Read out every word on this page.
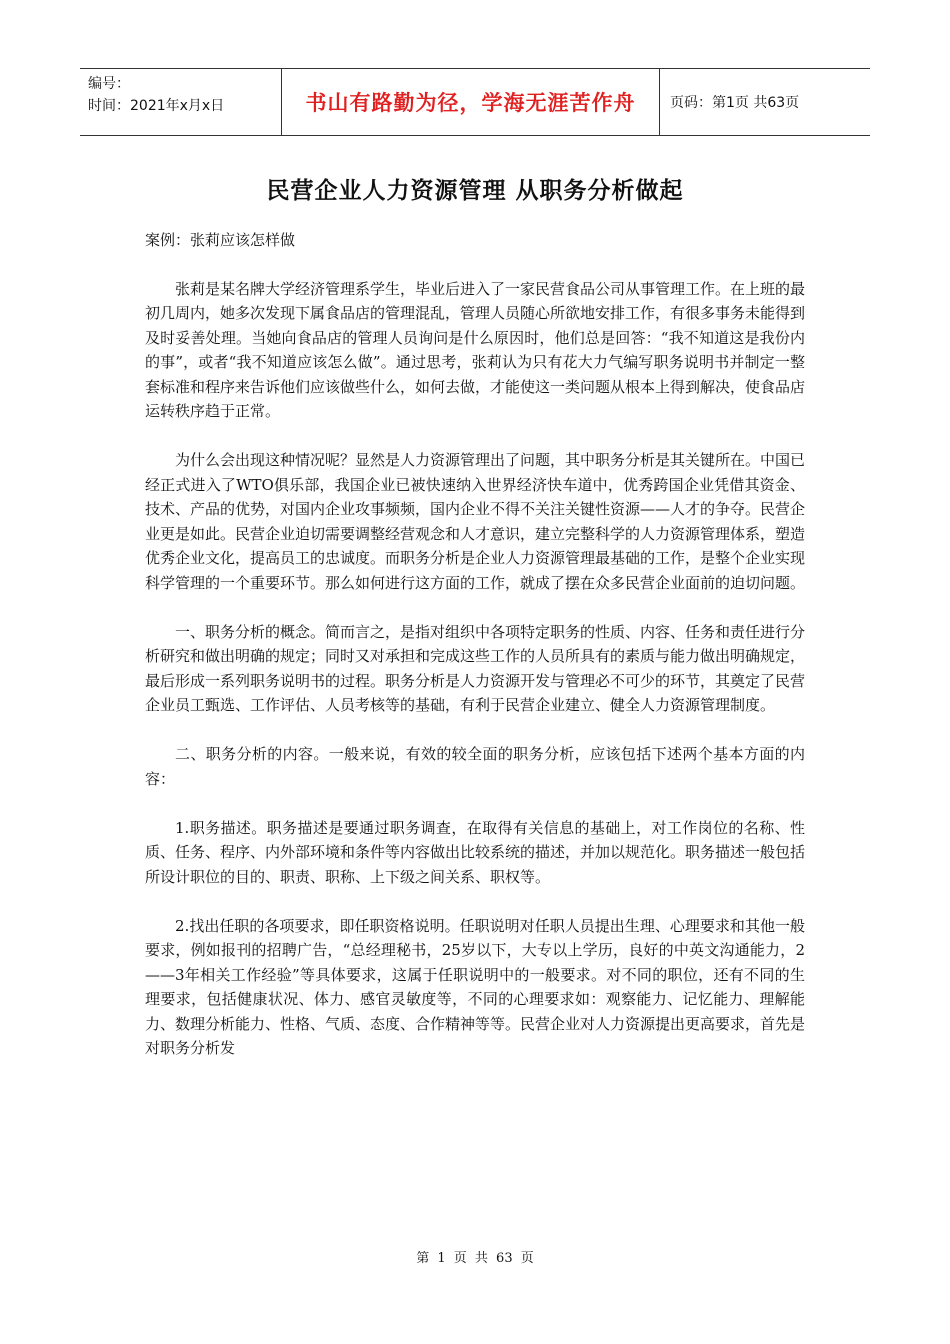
编号：
时间：2021年x月x日	书山有路勤为径，学海无涯苦作舟	页码：第1页 共63页
民营企业人力资源管理 从职务分析做起

案例：张莉应该怎样做

张莉是某名牌大学经济管理系学生，毕业后进入了一家民营食品公司从事管理工作。在上班的最初几周内，她多次发现下属食品店的管理混乱，管理人员随心所欲地安排工作，有很多事务未能得到及时妥善处理。当她向食品店的管理人员询问是什么原因时，他们总是回答：“我不知道这是我份内的事”，或者“我不知道应该怎么做”。通过思考，张莉认为只有花大力气编写职务说明书并制定一整套标准和程序来告诉他们应该做些什么，如何去做，才能使这一类问题从根本上得到解决，使食品店运转秩序趋于正常。

为什么会出现这种情况呢？显然是人力资源管理出了问题，其中职务分析是其关键所在。中国已经正式进入了WTO俱乐部，我国企业已被快速纳入世界经济快车道中，优秀跨国企业凭借其资金、技术、产品的优势，对国内企业攻事频频，国内企业不得不关注关键性资源——人才的争夺。民营企业更是如此。民营企业迫切需要调整经营观念和人才意识，建立完整科学的人力资源管理体系，塑造优秀企业文化，提高员工的忠诚度。而职务分析是企业人力资源管理最基础的工作，是整个企业实现科学管理的一个重要环节。那么如何进行这方面的工作，就成了摆在众多民营企业面前的迫切问题。

一、职务分析的概念。简而言之，是指对组织中各项特定职务的性质、内容、任务和责任进行分析研究和做出明确的规定；同时又对承担和完成这些工作的人员所具有的素质与能力做出明确规定，最后形成一系列职务说明书的过程。职务分析是人力资源开发与管理必不可少的环节，其奠定了民营企业员工甄选、工作评估、人员考核等的基础，有利于民营企业建立、健全人力资源管理制度。

二、职务分析的内容。一般来说，有效的较全面的职务分析，应该包括下述两个基本方面的内容：

1.职务描述。职务描述是要通过职务调查，在取得有关信息的基础上，对工作岗位的名称、性质、任务、程序、内外部环境和条件等内容做出比较系统的描述，并加以规范化。职务描述一般包括所设计职位的目的、职责、职称、上下级之间关系、职权等。

2.找出任职的各项要求，即任职资格说明。任职说明对任职人员提出生理、心理要求和其他一般要求，例如报刊的招聘广告，“总经理秘书，25岁以下，大专以上学历，良好的中英文沟通能力，2——3年相关工作经验”等具体要求，这属于任职说明中的一般要求。对不同的职位，还有不同的生理要求，包括健康状况、体力、感官灵敏度等，不同的心理要求如：观察能力、记忆能力、理解能力、数理分析能力、性格、气质、态度、合作精神等等。民营企业对人力资源提出更高要求，首先是对职务分析发

第 1 页 共 63 页
